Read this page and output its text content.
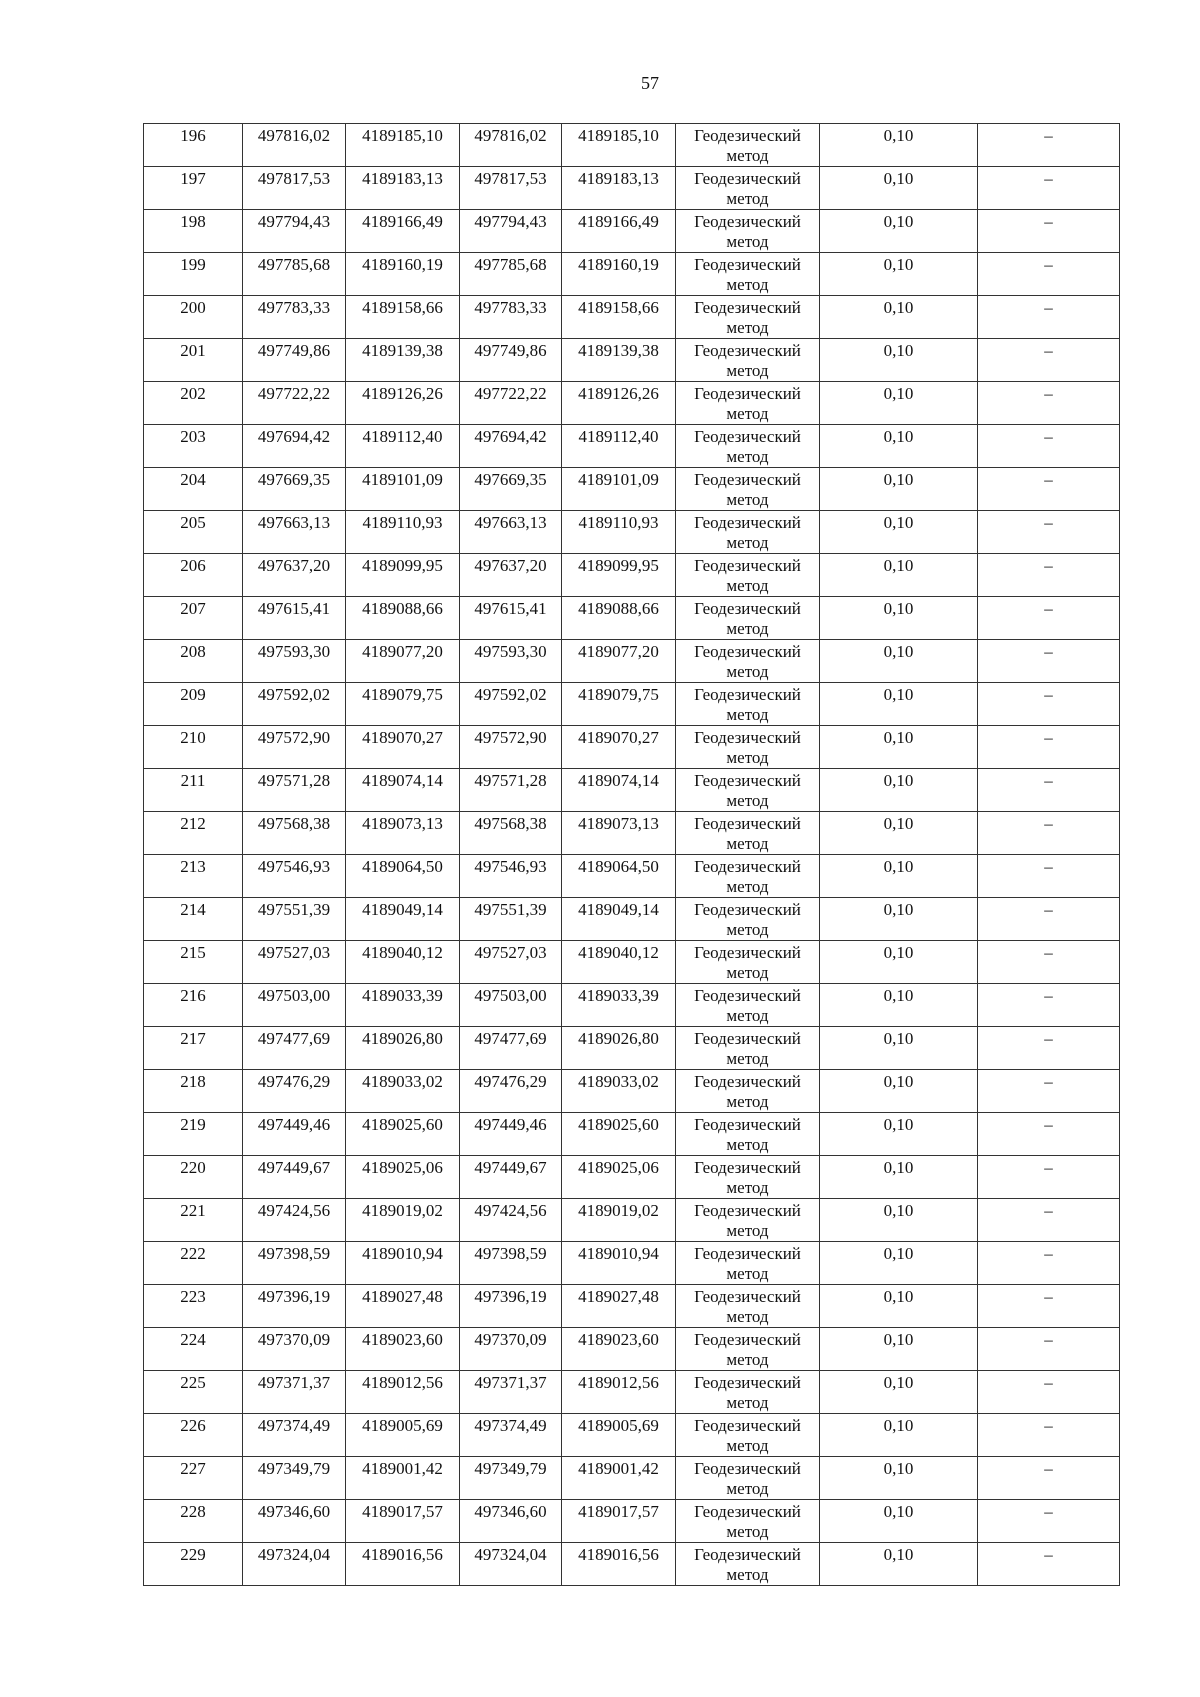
57
196	497816,02	4189185,10	497816,02	4189185,10	Геодезический
метод	0,10	–
197	497817,53	4189183,13	497817,53	4189183,13	Геодезический
метод	0,10	–
198	497794,43	4189166,49	497794,43	4189166,49	Геодезический
метод	0,10	–
199	497785,68	4189160,19	497785,68	4189160,19	Геодезический
метод	0,10	–
200	497783,33	4189158,66	497783,33	4189158,66	Геодезический
метод	0,10	–
201	497749,86	4189139,38	497749,86	4189139,38	Геодезический
метод	0,10	–
202	497722,22	4189126,26	497722,22	4189126,26	Геодезический
метод	0,10	–
203	497694,42	4189112,40	497694,42	4189112,40	Геодезический
метод	0,10	–
204	497669,35	4189101,09	497669,35	4189101,09	Геодезический
метод	0,10	–
205	497663,13	4189110,93	497663,13	4189110,93	Геодезический
метод	0,10	–
206	497637,20	4189099,95	497637,20	4189099,95	Геодезический
метод	0,10	–
207	497615,41	4189088,66	497615,41	4189088,66	Геодезический
метод	0,10	–
208	497593,30	4189077,20	497593,30	4189077,20	Геодезический
метод	0,10	–
209	497592,02	4189079,75	497592,02	4189079,75	Геодезический
метод	0,10	–
210	497572,90	4189070,27	497572,90	4189070,27	Геодезический
метод	0,10	–
211	497571,28	4189074,14	497571,28	4189074,14	Геодезический
метод	0,10	–
212	497568,38	4189073,13	497568,38	4189073,13	Геодезический
метод	0,10	–
213	497546,93	4189064,50	497546,93	4189064,50	Геодезический
метод	0,10	–
214	497551,39	4189049,14	497551,39	4189049,14	Геодезический
метод	0,10	–
215	497527,03	4189040,12	497527,03	4189040,12	Геодезический
метод	0,10	–
216	497503,00	4189033,39	497503,00	4189033,39	Геодезический
метод	0,10	–
217	497477,69	4189026,80	497477,69	4189026,80	Геодезический
метод	0,10	–
218	497476,29	4189033,02	497476,29	4189033,02	Геодезический
метод	0,10	–
219	497449,46	4189025,60	497449,46	4189025,60	Геодезический
метод	0,10	–
220	497449,67	4189025,06	497449,67	4189025,06	Геодезический
метод	0,10	–
221	497424,56	4189019,02	497424,56	4189019,02	Геодезический
метод	0,10	–
222	497398,59	4189010,94	497398,59	4189010,94	Геодезический
метод	0,10	–
223	497396,19	4189027,48	497396,19	4189027,48	Геодезический
метод	0,10	–
224	497370,09	4189023,60	497370,09	4189023,60	Геодезический
метод	0,10	–
225	497371,37	4189012,56	497371,37	4189012,56	Геодезический
метод	0,10	–
226	497374,49	4189005,69	497374,49	4189005,69	Геодезический
метод	0,10	–
227	497349,79	4189001,42	497349,79	4189001,42	Геодезический
метод	0,10	–
228	497346,60	4189017,57	497346,60	4189017,57	Геодезический
метод	0,10	–
229	497324,04	4189016,56	497324,04	4189016,56	Геодезический
метод	0,10	–
